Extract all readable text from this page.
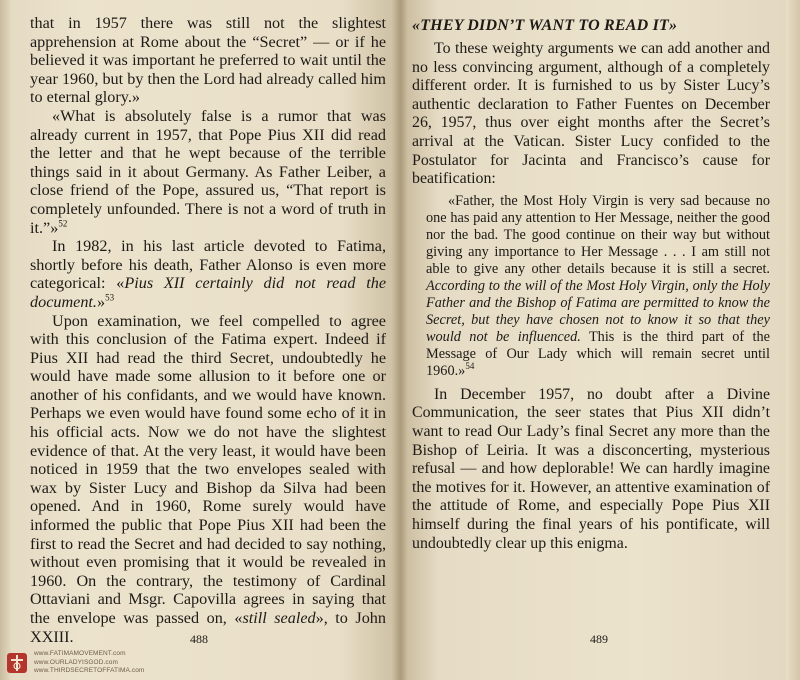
that in 1957 there was still not the slightest apprehension at Rome about the “Secret” — or if he believed it was important he preferred to wait until the year 1960, but by then the Lord had already called him to eternal glory.»

«What is absolutely false is a rumor that was already current in 1957, that Pope Pius XII did read the letter and that he wept because of the terrible things said in it about Germany. As Father Leiber, a close friend of the Pope, assured us, “That report is completely unfounded. There is not a word of truth in it.”»$^{52}$

In 1982, in his last article devoted to Fatima, shortly before his death, Father Alonso is even more categorical: «Pius XII certainly did not read the document.»$^{53}$

Upon examination, we feel compelled to agree with this conclusion of the Fatima expert. Indeed if Pius XII had read the third Secret, undoubtedly he would have made some allusion to it before one or another of his confidants, and we would have known. Perhaps we even would have found some echo of it in his official acts. Now we do not have the slightest evidence of that. At the very least, it would have been noticed in 1959 that the two envelopes sealed with wax by Sister Lucy and Bishop da Silva had been opened. And in 1960, Rome surely would have informed the public that Pope Pius XII had been the first to read the Secret and had decided to say nothing, without even promising that it would be revealed in 1960. On the contrary, the testimony of Cardinal Ottaviani and Msgr. Capovilla agrees in saying that the envelope was passed on, «still sealed», to John XXIII.	488
«THEY DIDN’T WANT TO READ IT»

To these weighty arguments we can add another and no less convincing argument, although of a completely different order. It is furnished to us by Sister Lucy’s authentic declaration to Father Fuentes on December 26, 1957, thus over eight months after the Secret’s arrival at the Vatican. Sister Lucy confided to the Postulator for Jacinta and Francisco’s cause for beatification:

«Father, the Most Holy Virgin is very sad because no one has paid any attention to Her Message, neither the good nor the bad. The good continue on their way but without giving any importance to Her Message . . . I am still not able to give any other details because it is still a secret. According to the will of the Most Holy Virgin, only the Holy Father and the Bishop of Fatima are permitted to know the Secret, but they have chosen not to know it so that they would not be influenced. This is the third part of the Message of Our Lady which will remain secret until 1960.»$^{54}$

In December 1957, no doubt after a Divine Communication, the seer states that Pius XII didn’t want to read Our Lady’s final Secret any more than the Bishop of Leiria. It was a disconcerting, mysterious refusal — and how deplorable! We can hardly imagine the motives for it. However, an attentive examination of the attitude of Rome, and especially Pope Pius XII himself during the final years of his pontificate, will undoubtedly clear up this enigma.

489
www.FATIMAMOVEMENT.com
www.OURLADYISGOD.com
www.THIRDSECRETOFFATIMA.com
